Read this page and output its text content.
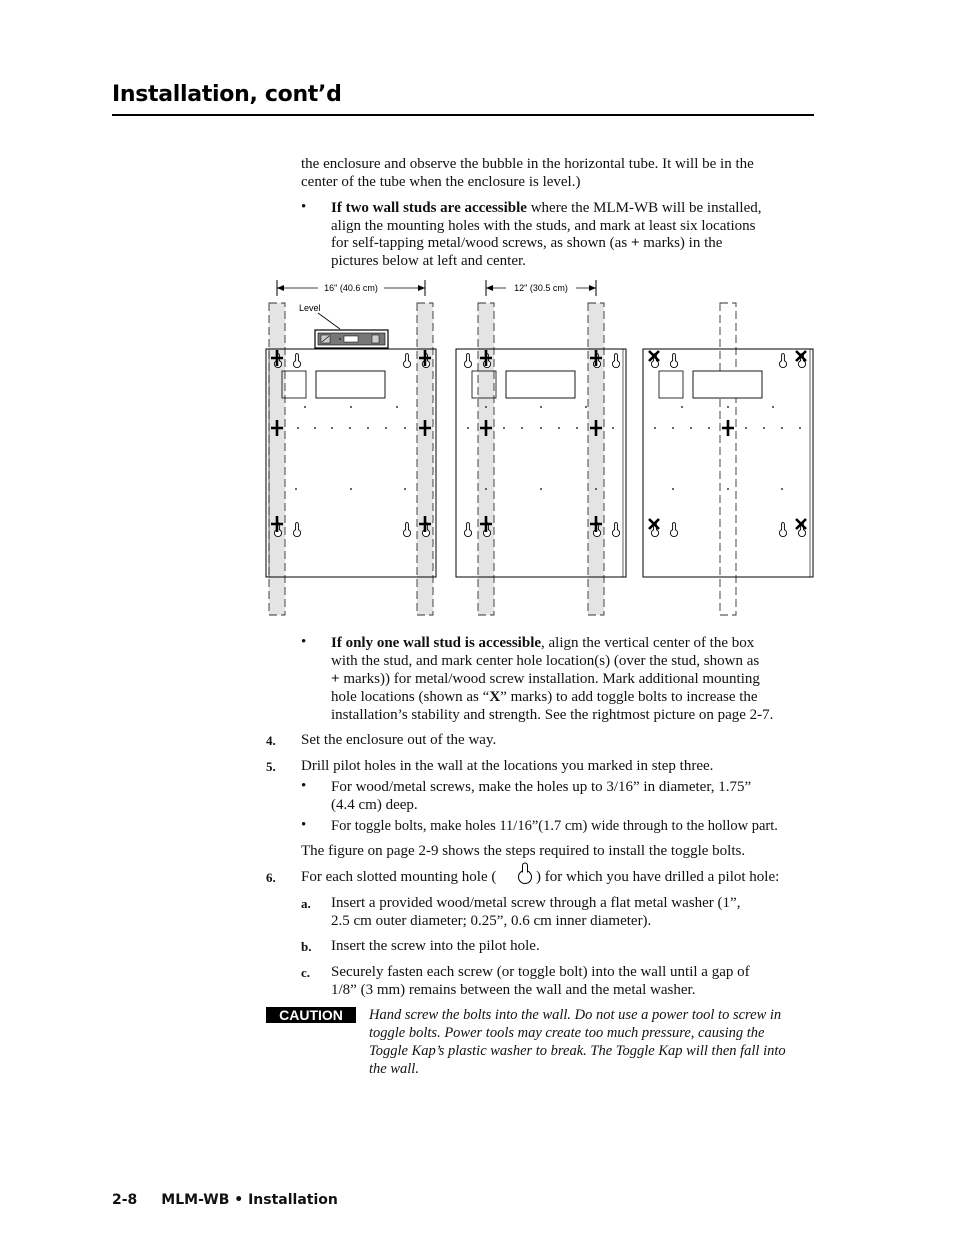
Installation, cont’d
the enclosure and observe the bubble in the horizontal tube. It will be in the
center of the tube when the enclosure is level.)
• If two wall studs are accessible where the MLM-WB will be installed,
align the mounting holes with the studs, and mark at least six locations
for self-tapping metal/wood screws, as shown (as + marks) in the
pictures below at left and center.
16" (40.6 cm)	12" (30.5 cm)
Level
• If only one wall stud is accessible, align the vertical center of the box
with the stud, and mark center hole location(s) (over the stud, shown as
+ marks)) for metal/wood screw installation. Mark additional mounting
hole locations (shown as “X” marks) to add toggle bolts to increase the
installation’s stability and strength. See the rightmost picture on page 2-7.
4. Set the enclosure out of the way.
5. Drill pilot holes in the wall at the locations you marked in step three.
• For wood/metal screws, make the holes up to 3/16” in diameter, 1.75”
(4.4 cm) deep.
• For toggle bolts, make holes 11/16”(1.7 cm) wide through to the hollow part.
The figure on page 2-9 shows the steps required to install the toggle bolts.
6. For each slotted mounting hole (	) for which you have drilled a pilot hole:
a. Insert a provided wood/metal screw through a flat metal washer (1”,
2.5 cm outer diameter; 0.25”, 0.6 cm inner diameter).
b. Insert the screw into the pilot hole.
c. Securely fasten each screw (or toggle bolt) into the wall until a gap of
1/8” (3 mm) remains between the wall and the metal washer.
CAUTION	Hand screw the bolts into the wall. Do not use a power tool to screw in
toggle bolts. Power tools may create too much pressure, causing the
Toggle Kap’s plastic washer to break. The Toggle Kap will then fall into
the wall.
2-8 MLM-WB • Installation
